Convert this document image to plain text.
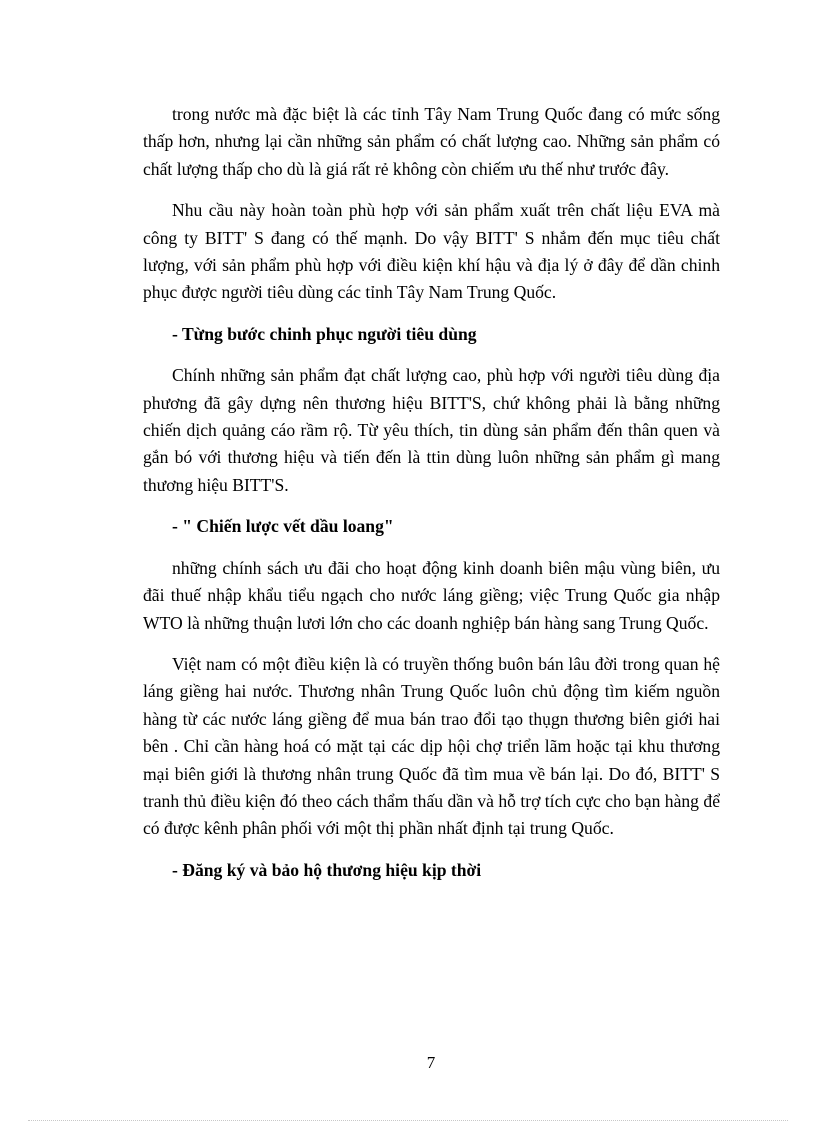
trong nước mà đặc biệt là các tỉnh Tây Nam Trung Quốc đang có mức sống thấp hơn, nhưng lại cần những sản phẩm có chất lượng cao. Những sản phẩm có chất lượng thấp cho dù là giá rất rẻ không còn chiếm ưu thế như trước đây.

Nhu cầu này hoàn toàn phù hợp với sản phẩm xuất trên chất liệu EVA mà công ty BITT' S đang có thế mạnh. Do vậy BITT' S nhắm đến mục tiêu chất lượng, với sản phẩm phù hợp với điều kiện khí hậu và địa lý ở đây để dần chinh phục được người tiêu dùng các tỉnh Tây Nam Trung Quốc.

- Từng bước chinh phục người tiêu dùng

Chính những sản phẩm đạt chất lượng cao, phù hợp với người tiêu dùng địa phương đã gây dựng nên thương hiệu BITT'S, chứ không phải là bằng những chiến dịch quảng cáo rầm rộ. Từ yêu thích, tin dùng sản phẩm đến thân quen và gắn bó với thương hiệu và tiến đến là ttin dùng luôn những sản phẩm gì mang thương hiệu BITT'S.

- " Chiến lược vết dầu loang"

những chính sách ưu đãi cho hoạt động kinh doanh biên mậu vùng biên, ưu đãi thuế nhập khẩu tiểu ngạch cho nước láng giềng; việc Trung Quốc gia nhập WTO là những thuận lươi lớn cho các doanh nghiệp bán hàng sang Trung Quốc.

Việt nam có một điều kiện là có truyền thống buôn bán lâu đời trong quan hệ láng giềng hai nước. Thương nhân Trung Quốc luôn chủ động tìm kiếm nguồn hàng từ các nước láng giềng để mua bán trao đổi tạo thụgn thương biên giới hai bên . Chỉ cần hàng hoá có mặt tại các dịp hội chợ triển lãm hoặc tại khu thương mại biên giới là thương nhân trung Quốc đã tìm mua về bán lại. Do đó, BITT' S tranh thủ điều kiện đó theo cách thẩm thấu dần và hỗ trợ tích cực cho bạn hàng để có được kênh phân phối với một thị phần nhất định tại trung Quốc.

- Đăng ký và bảo hộ thương hiệu kịp thời

7
